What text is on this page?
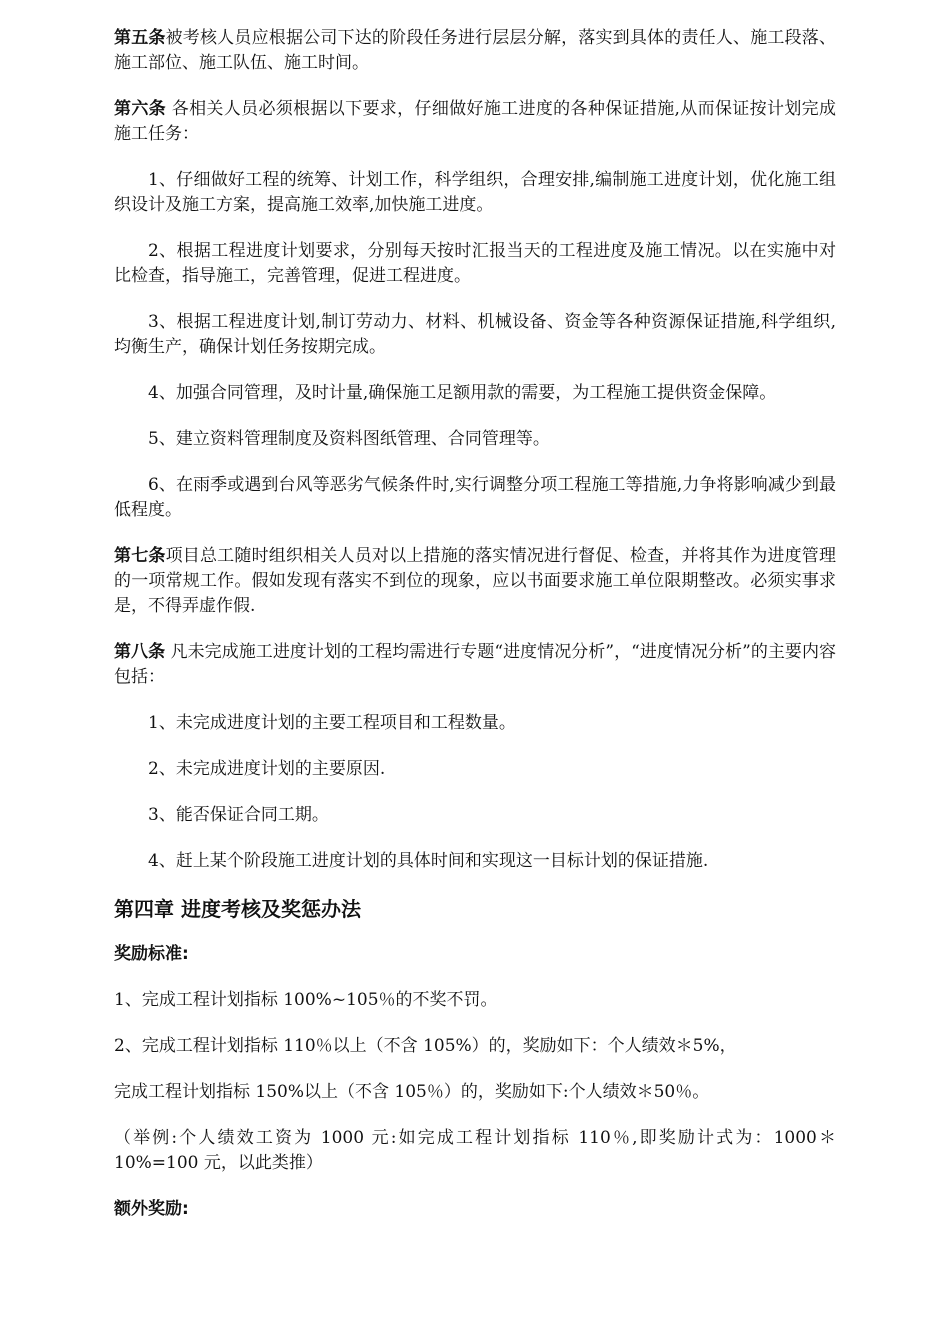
第五条被考核人员应根据公司下达的阶段任务进行层层分解，落实到具体的责任人、施工段落、施工部位、施工队伍、施工时间。

第六条 各相关人员必须根据以下要求，仔细做好施工进度的各种保证措施,从而保证按计划完成施工任务：

1、仔细做好工程的统筹、计划工作，科学组织，合理安排,编制施工进度计划，优化施工组织设计及施工方案，提高施工效率,加快施工进度。

2、根据工程进度计划要求，分别每天按时汇报当天的工程进度及施工情况。以在实施中对比检查，指导施工，完善管理，促进工程进度。

3、根据工程进度计划,制订劳动力、材料、机械设备、资金等各种资源保证措施,科学组织,均衡生产，确保计划任务按期完成。

4、加强合同管理，及时计量,确保施工足额用款的需要，为工程施工提供资金保障。

5、建立资料管理制度及资料图纸管理、合同管理等。

6、在雨季或遇到台风等恶劣气候条件时,实行调整分项工程施工等措施,力争将影响减少到最低程度。

第七条项目总工随时组织相关人员对以上措施的落实情况进行督促、检查，并将其作为进度管理的一项常规工作。假如发现有落实不到位的现象，应以书面要求施工单位限期整改。必须实事求是，不得弄虚作假.

第八条 凡未完成施工进度计划的工程均需进行专题“进度情况分析”，“进度情况分析”的主要内容包括：

1、未完成进度计划的主要工程项目和工程数量。

2、未完成进度计划的主要原因.

3、能否保证合同工期。

4、赶上某个阶段施工进度计划的具体时间和实现这一目标计划的保证措施.

第四章 进度考核及奖惩办法

奖励标准:

1、完成工程计划指标 100%~105％的不奖不罚。

2、完成工程计划指标 110％以上（不含 105%）的，奖励如下：个人绩效＊5%，

完成工程计划指标 150%以上（不含 105％）的，奖励如下:个人绩效＊50％。

（举例:个人绩效工资为 1000 元:如完成工程计划指标 110％,即奖励计式为：1000＊10%=100 元，以此类推）

额外奖励:
